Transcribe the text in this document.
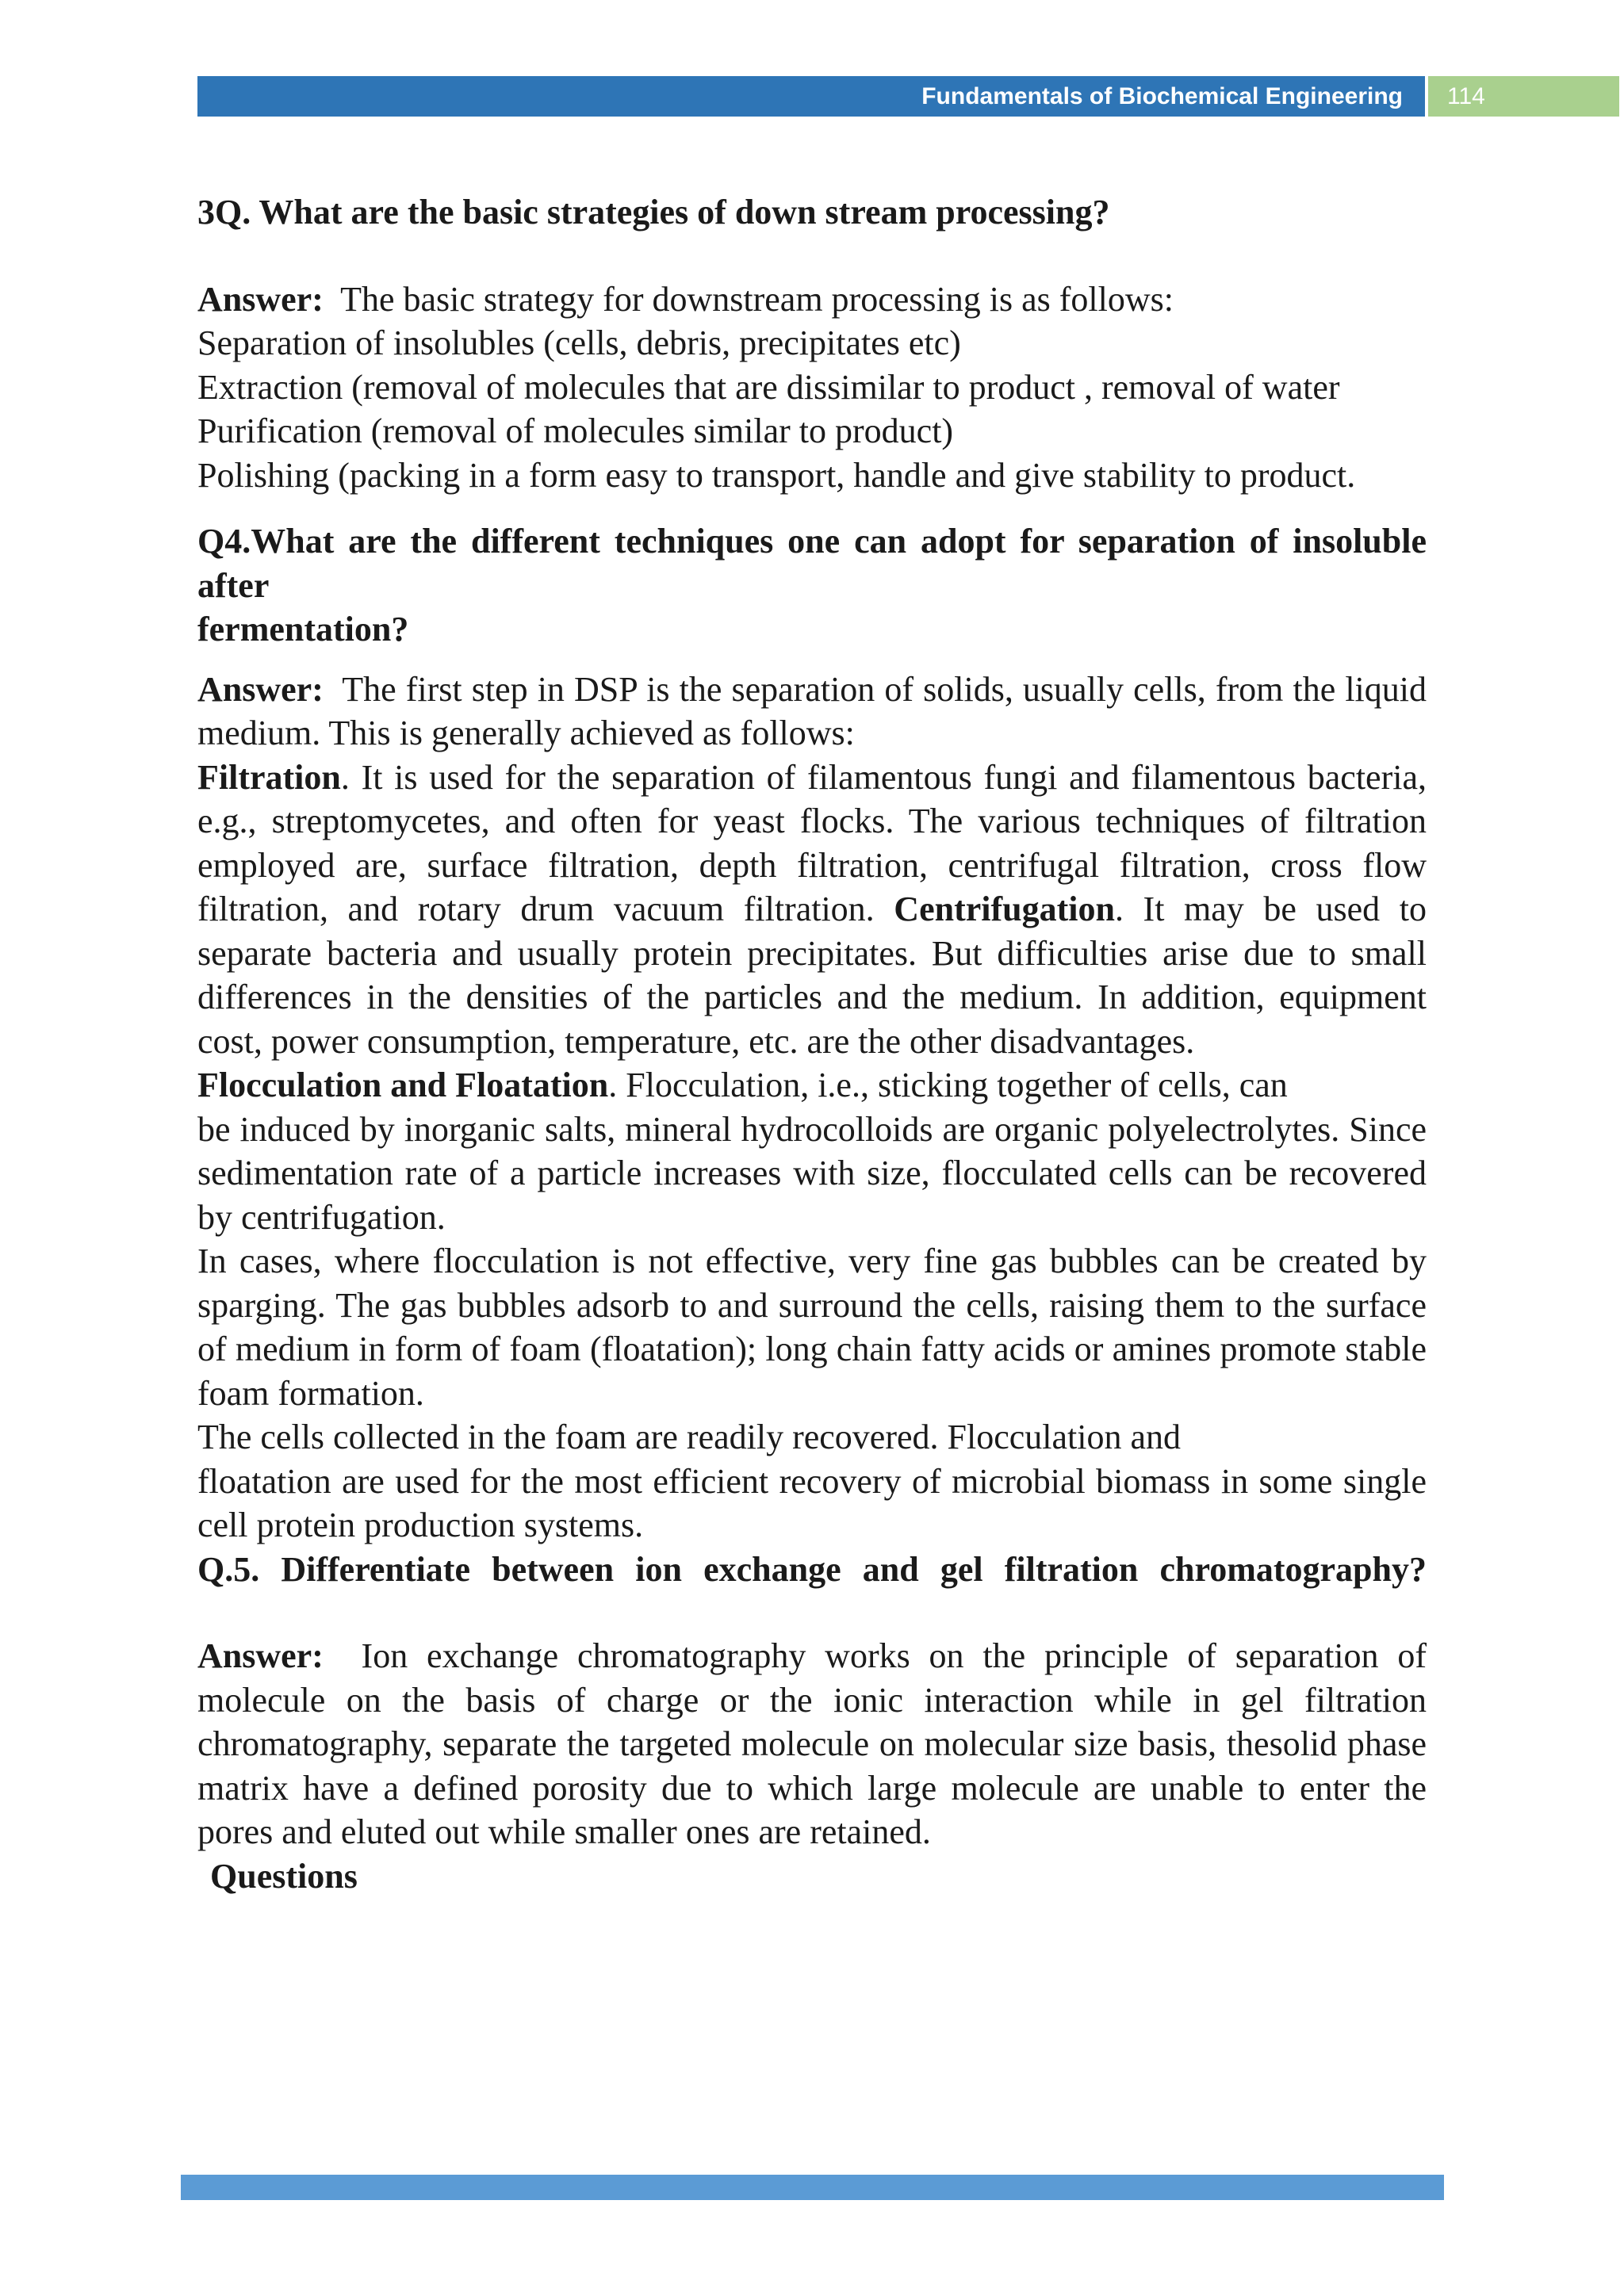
Fundamentals of Biochemical Engineering	114

3Q. What are the basic strategies of down stream processing?

Answer: The basic strategy for downstream processing is as follows:

Separation of insolubles (cells, debris, precipitates etc)

Extraction (removal of molecules that are dissimilar to product , removal of water

Purification (removal of molecules similar to product)

Polishing (packing in a form easy to transport, handle and give stability to product.

Q4.What are the different techniques one can adopt for separation of insoluble after

fermentation?

Answer: The first step in DSP is the separation of solids, usually cells, from the liquid medium. This is generally achieved as follows:

Filtration. It is used for the separation of filamentous fungi and filamentous bacteria, e.g., streptomycetes, and often for yeast flocks. The various techniques of filtration employed are, surface filtration, depth filtration, centrifugal filtration, cross flow filtration, and rotary drum vacuum filtration. Centrifugation. It may be used to separate bacteria and usually protein precipitates. But difficulties arise due to small differences in the densities of the particles and the medium. In addition, equipment cost, power consumption, temperature, etc. are the other disadvantages.

Flocculation and Floatation. Flocculation, i.e., sticking together of cells, can

be induced by inorganic salts, mineral hydrocolloids are organic polyelectrolytes. Since sedimentation rate of a particle increases with size, flocculated cells can be recovered by centrifugation.

In cases, where flocculation is not effective, very fine gas bubbles can be created by sparging. The gas bubbles adsorb to and surround the cells, raising them to the surface of medium in form of foam (floatation); long chain fatty acids or amines promote stable foam formation.

The cells collected in the foam are readily recovered. Flocculation and

floatation are used for the most efficient recovery of microbial biomass in some single cell protein production systems.

Q.5. Differentiate between ion exchange and gel filtration chromatography?

Answer: Ion exchange chromatography works on the principle of separation of molecule on the basis of charge or the ionic interaction while in gel filtration chromatography, separate the targeted molecule on molecular size basis, thesolid phase matrix have a defined porosity due to which large molecule are unable to enter the pores and eluted out while smaller ones are retained.

Questions
